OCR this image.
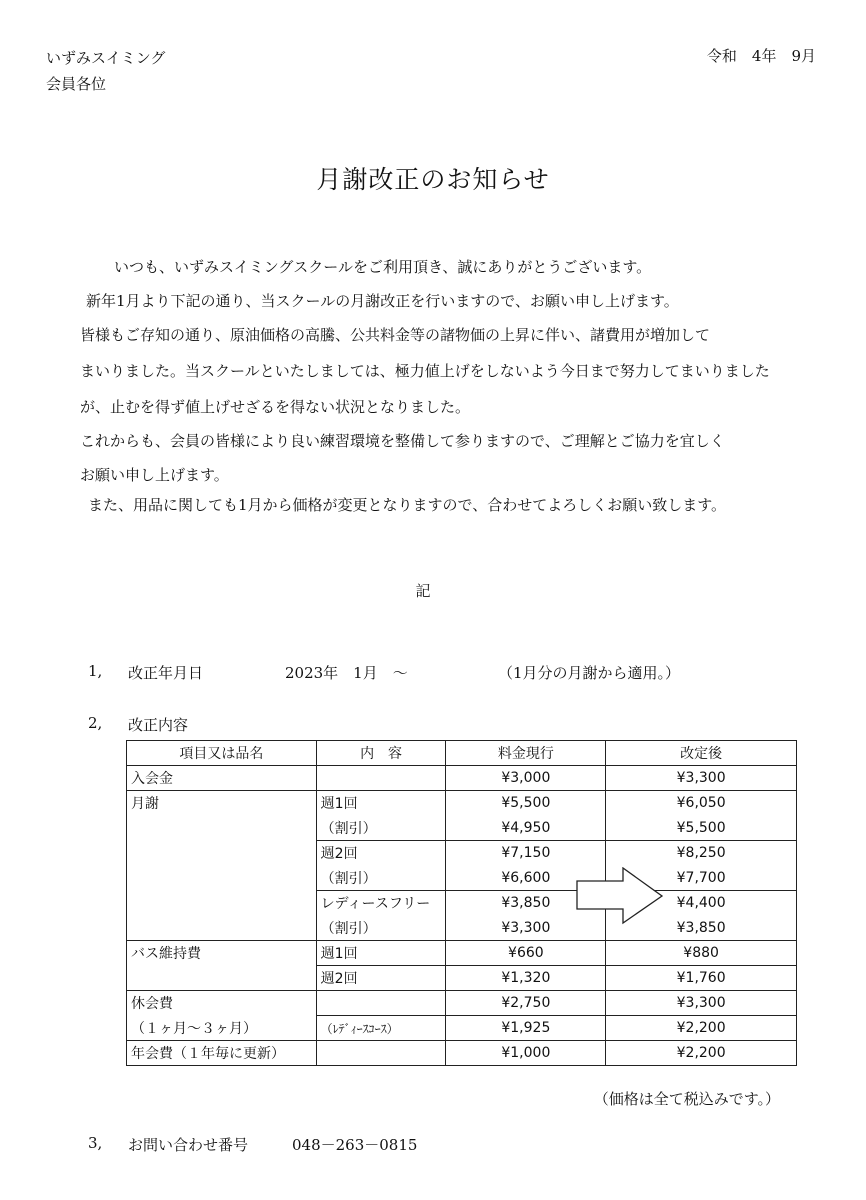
いずみスイミング
会員各位
令和　4年　9月
月謝改正のお知らせ

いつも、いずみスイミングスクールをご利用頂き、誠にありがとうございます。

新年1月より下記の通り、当スクールの月謝改正を行いますので、お願い申し上げます。

皆様もご存知の通り、原油価格の高騰、公共料金等の諸物価の上昇に伴い、諸費用が増加して

まいりました。当スクールといたしましては、極力値上げをしないよう今日まで努力してまいりました

が、止むを得ず値上げせざるを得ない状況となりました。

これからも、会員の皆様により良い練習環境を整備して参りますので、ご理解とご協力を宜しく

お願い申し上げます。

また、用品に関しても1月から価格が変更となりますので、合わせてよろしくお願い致します。

記
1, 改正年月日	2023年　1月　～	（1月分の月謝から適用。）
2, 改正内容
項目又は品名	内　容	料金現行	改定後
入会金		¥3,000	¥3,300
月謝	週1回	¥5,500	¥6,050
	（割引）	¥4,950	¥5,500
	週2回	¥7,150	¥8,250
	（割引）	¥6,600	¥7,700
	レディースフリー	¥3,850	¥4,400
	（割引）	¥3,300	¥3,850
バス維持費	週1回	¥660	¥880
	週2回	¥1,320	¥1,760
休会費		¥2,750	¥3,300
（１ヶ月～３ヶ月）	（ﾚﾃﾞｨｰｽｺｰｽ）	¥1,925	¥2,200
年会費（１年毎に更新）		¥1,000	¥2,200
（価格は全て税込みです。）
3, お問い合わせ番号	048－263－0815
